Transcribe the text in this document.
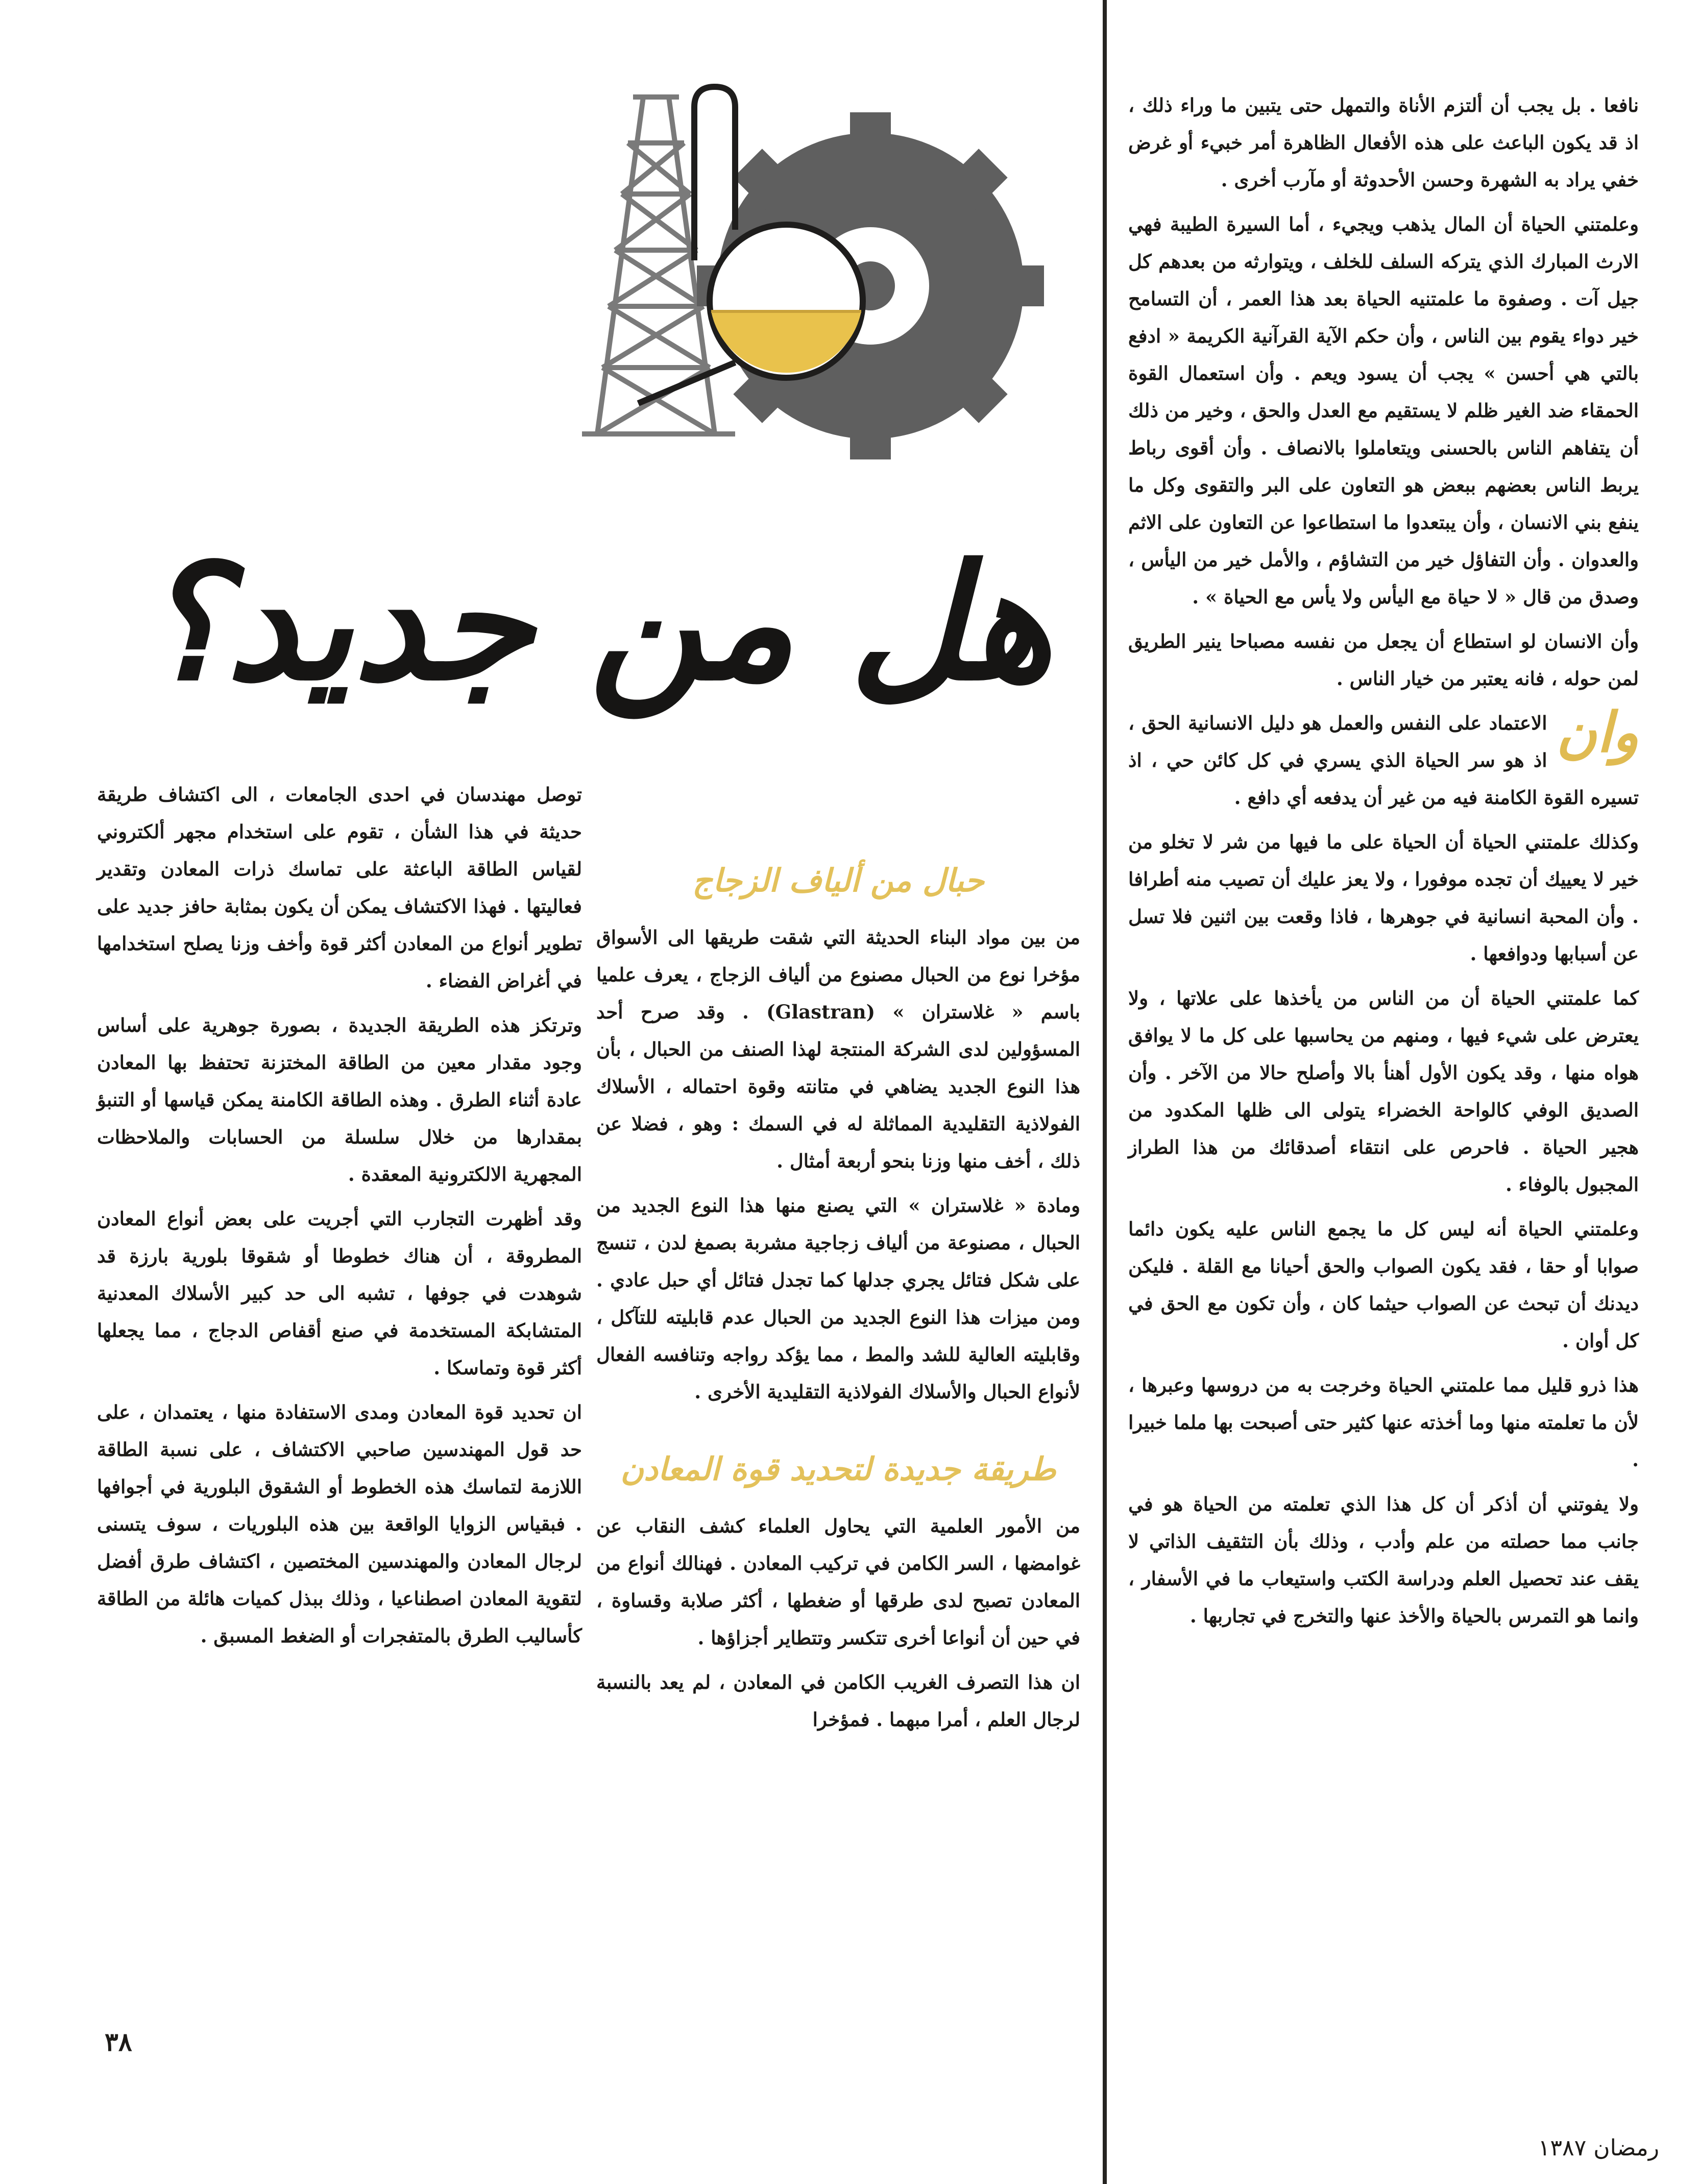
هل من جديد؟

نافعا . بل يجب أن ألتزم الأناة والتمهل حتى يتبين ما وراء ذلك ، اذ قد يكون الباعث على هذه الأفعال الظاهرة أمر خبيء أو غرض خفي يراد به الشهرة وحسن الأحدوثة أو مآرب أخرى .

وعلمتني الحياة أن المال يذهب ويجيء ، أما السيرة الطيبة فهي الارث المبارك الذي يتركه السلف للخلف ، ويتوارثه من بعدهم كل جيل آت . وصفوة ما علمتنيه الحياة بعد هذا العمر ، أن التسامح خير دواء يقوم بين الناس ، وأن حكم الآية القرآنية الكريمة « ادفع بالتي هي أحسن » يجب أن يسود ويعم . وأن استعمال القوة الحمقاء ضد الغير ظلم لا يستقيم مع العدل والحق ، وخير من ذلك أن يتفاهم الناس بالحسنى ويتعاملوا بالانصاف . وأن أقوى رباط يربط الناس بعضهم ببعض هو التعاون على البر والتقوى وكل ما ينفع بني الانسان ، وأن يبتعدوا ما استطاعوا عن التعاون على الاثم والعدوان . وأن التفاؤل خير من التشاؤم ، والأمل خير من اليأس ، وصدق من قال « لا حياة مع اليأس ولا يأس مع الحياة » .

وأن الانسان لو استطاع أن يجعل من نفسه مصباحا ينير الطريق لمن حوله ، فانه يعتبر من خيار الناس .

وان
الاعتماد على النفس والعمل هو دليل الانسانية الحق ، اذ هو سر الحياة الذي يسري في كل كائن حي ، اذ تسيره القوة الكامنة فيه من غير أن يدفعه أي دافع .

وكذلك علمتني الحياة أن الحياة على ما فيها من شر لا تخلو من خير لا يعييك أن تجده موفورا ، ولا يعز عليك أن تصيب منه أطرافا . وأن المحبة انسانية في جوهرها ، فاذا وقعت بين اثنين فلا تسل عن أسبابها ودوافعها .

كما علمتني الحياة أن من الناس من يأخذها على علاتها ، ولا يعترض على شيء فيها ، ومنهم من يحاسبها على كل ما لا يوافق هواه منها ، وقد يكون الأول أهنأ بالا وأصلح حالا من الآخر . وأن الصديق الوفي كالواحة الخضراء يتولى الى ظلها المكدود من هجير الحياة . فاحرص على انتقاء أصدقائك من هذا الطراز المجبول بالوفاء .

وعلمتني الحياة أنه ليس كل ما يجمع الناس عليه يكون دائما صوابا أو حقا ، فقد يكون الصواب والحق أحيانا مع القلة . فليكن ديدنك أن تبحث عن الصواب حيثما كان ، وأن تكون مع الحق في كل أوان .

هذا ذرو قليل مما علمتني الحياة وخرجت به من دروسها وعبرها ، لأن ما تعلمته منها وما أخذته عنها كثير حتى أصبحت بها ملما خبيرا .

ولا يفوتني أن أذكر أن كل هذا الذي تعلمته من الحياة هو في جانب مما حصلته من علم وأدب ، وذلك بأن التثقيف الذاتي لا يقف عند تحصيل العلم ودراسة الكتب واستيعاب ما في الأسفار ، وانما هو التمرس بالحياة والأخذ عنها والتخرج في تجاربها .

حبال من ألياف الزجاج

من بين مواد البناء الحديثة التي شقت طريقها الى الأسواق مؤخرا نوع من الحبال مصنوع من ألياف الزجاج ، يعرف علميا باسم « غلاستران » (Glastran) . وقد صرح أحد المسؤولين لدى الشركة المنتجة لهذا الصنف من الحبال ، بأن هذا النوع الجديد يضاهي في متانته وقوة احتماله ، الأسلاك الفولاذية التقليدية المماثلة له في السمك : وهو ، فضلا عن ذلك ، أخف منها وزنا بنحو أربعة أمثال .

ومادة « غلاستران » التي يصنع منها هذا النوع الجديد من الحبال ، مصنوعة من ألياف زجاجية مشربة بصمغ لدن ، تنسج على شكل فتائل يجري جدلها كما تجدل فتائل أي حبل عادي . ومن ميزات هذا النوع الجديد من الحبال عدم قابليته للتآكل ، وقابليته العالية للشد والمط ، مما يؤكد رواجه وتنافسه الفعال لأنواع الحبال والأسلاك الفولاذية التقليدية الأخرى .

طريقة جديدة لتحديد قوة المعادن

من الأمور العلمية التي يحاول العلماء كشف النقاب عن غوامضها ، السر الكامن في تركيب المعادن . فهنالك أنواع من المعادن تصبح لدى طرقها أو ضغطها ، أكثر صلابة وقساوة ، في حين أن أنواعا أخرى تتكسر وتتطاير أجزاؤها .

ان هذا التصرف الغريب الكامن في المعادن ، لم يعد بالنسبة لرجال العلم ، أمرا مبهما . فمؤخرا

توصل مهندسان في احدى الجامعات ، الى اكتشاف طريقة حديثة في هذا الشأن ، تقوم على استخدام مجهر ألكتروني لقياس الطاقة الباعثة على تماسك ذرات المعادن وتقدير فعاليتها . فهذا الاكتشاف يمكن أن يكون بمثابة حافز جديد على تطوير أنواع من المعادن أكثر قوة وأخف وزنا يصلح استخدامها في أغراض الفضاء .

وترتكز هذه الطريقة الجديدة ، بصورة جوهرية على أساس وجود مقدار معين من الطاقة المختزنة تحتفظ بها المعادن عادة أثناء الطرق . وهذه الطاقة الكامنة يمكن قياسها أو التنبؤ بمقدارها من خلال سلسلة من الحسابات والملاحظات المجهرية الالكترونية المعقدة .

وقد أظهرت التجارب التي أجريت على بعض أنواع المعادن المطروقة ، أن هناك خطوطا أو شقوقا بلورية بارزة قد شوهدت في جوفها ، تشبه الى حد كبير الأسلاك المعدنية المتشابكة المستخدمة في صنع أقفاص الدجاج ، مما يجعلها أكثر قوة وتماسكا .

ان تحديد قوة المعادن ومدى الاستفادة منها ، يعتمدان ، على حد قول المهندسين صاحبي الاكتشاف ، على نسبة الطاقة اللازمة لتماسك هذه الخطوط أو الشقوق البلورية في أجوافها . فبقياس الزوايا الواقعة بين هذه البلوريات ، سوف يتسنى لرجال المعادن والمهندسين المختصين ، اكتشاف طرق أفضل لتقوية المعادن اصطناعيا ، وذلك ببذل كميات هائلة من الطاقة كأساليب الطرق بالمتفجرات أو الضغط المسبق .

٣٨
رمضان ١٣٨٧
